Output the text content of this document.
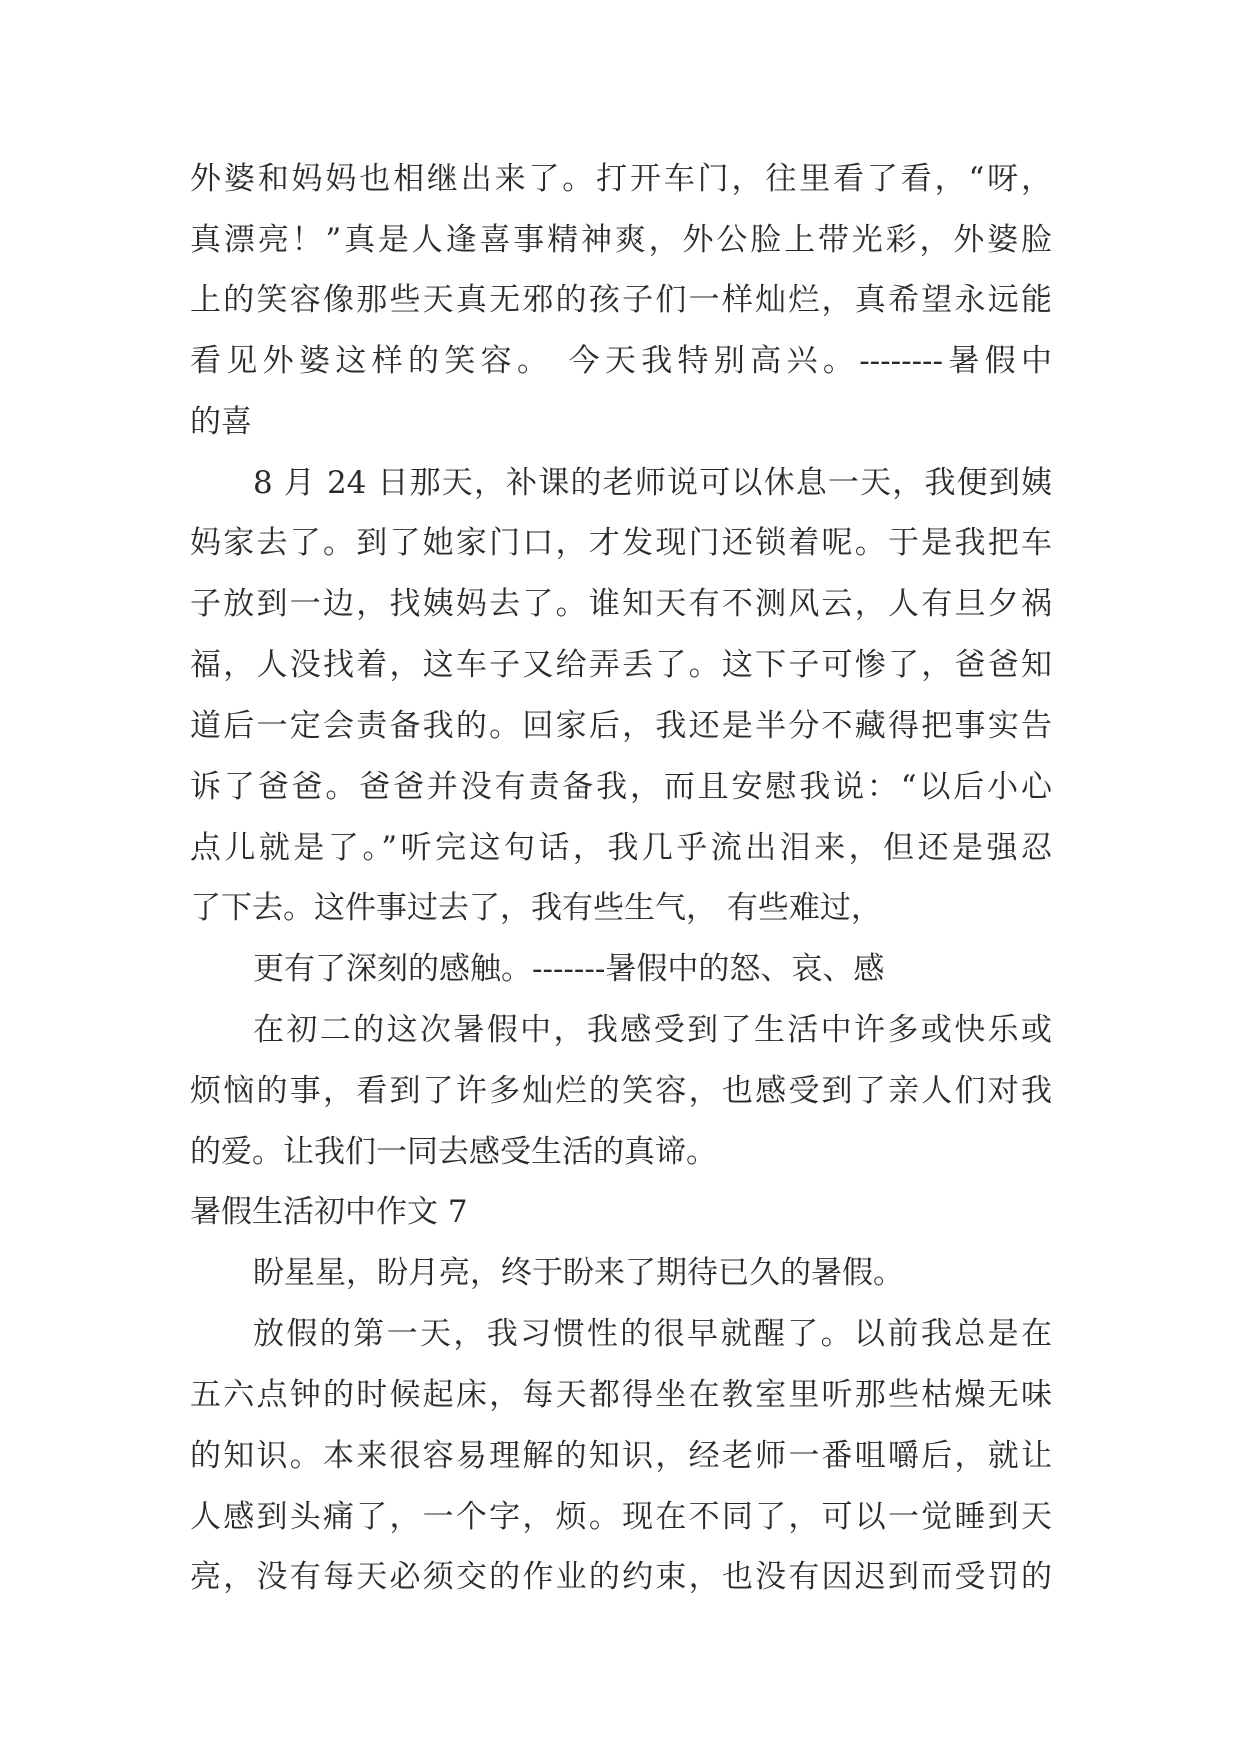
外婆和妈妈也相继出来了。打开车门，往里看了看，“呀，
真漂亮！”真是人逢喜事精神爽，外公脸上带光彩，外婆脸
上的笑容像那些天真无邪的孩子们一样灿烂，真希望永远能
看见外婆这样的笑容。 今天我特别高兴。--------暑假中
的喜
8 月 24 日那天，补课的老师说可以休息一天，我便到姨
妈家去了。到了她家门口，才发现门还锁着呢。于是我把车
子放到一边，找姨妈去了。谁知天有不测风云，人有旦夕祸
福，人没找着，这车子又给弄丢了。这下子可惨了，爸爸知
道后一定会责备我的。回家后，我还是半分不藏得把事实告
诉了爸爸。爸爸并没有责备我，而且安慰我说：“以后小心
点儿就是了。”听完这句话，我几乎流出泪来，但还是强忍
了下去。这件事过去了，我有些生气， 有些难过，
更有了深刻的感触。-------暑假中的怒、哀、感
在初二的这次暑假中，我感受到了生活中许多或快乐或
烦恼的事，看到了许多灿烂的笑容，也感受到了亲人们对我
的爱。让我们一同去感受生活的真谛。
暑假生活初中作文 7
盼星星，盼月亮，终于盼来了期待已久的暑假。
放假的第一天，我习惯性的很早就醒了。以前我总是在
五六点钟的时候起床，每天都得坐在教室里听那些枯燥无味
的知识。本来很容易理解的知识，经老师一番咀嚼后，就让
人感到头痛了，一个字，烦。现在不同了，可以一觉睡到天
亮，没有每天必须交的作业的约束，也没有因迟到而受罚的
